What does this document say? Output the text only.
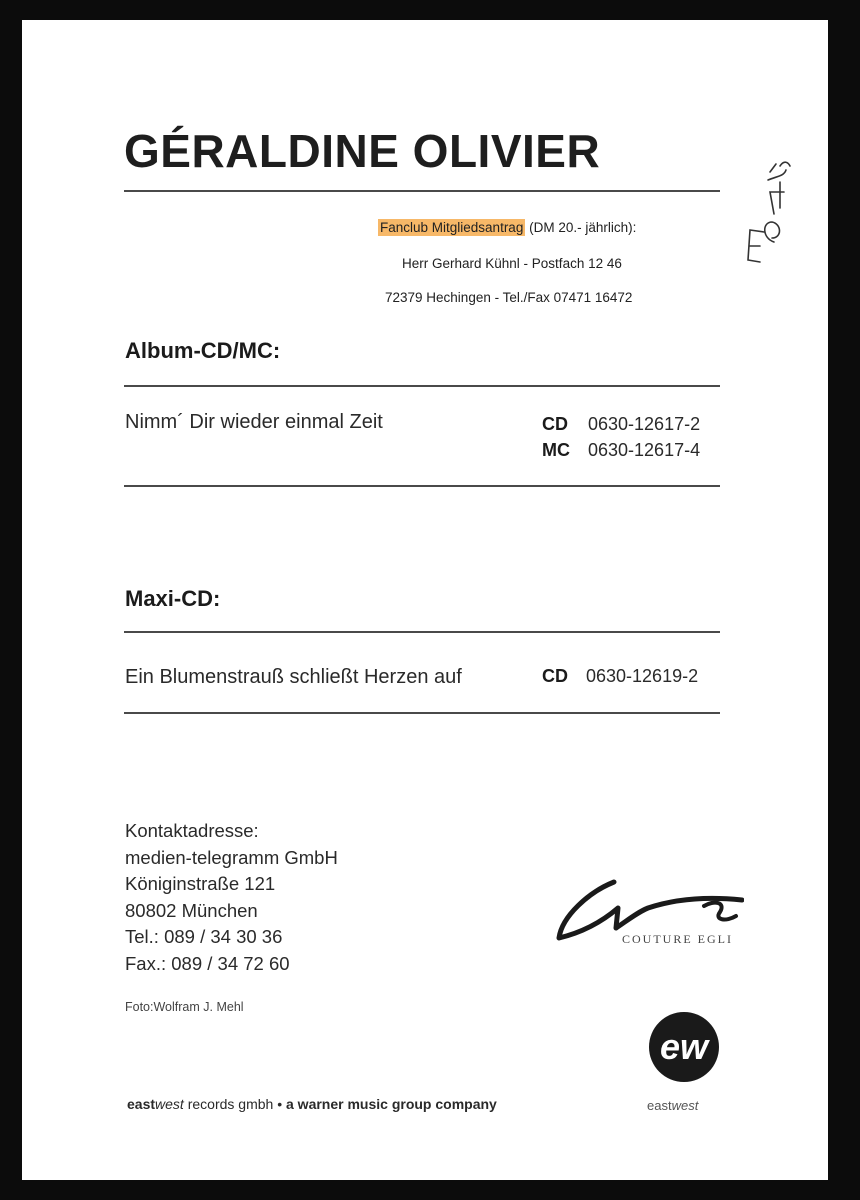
GÉRALDINE OLIVIER
Fanclub Mitgliedsantrag (DM 20.- jährlich):
Herr Gerhard Kühnl - Postfach 12 46
72379 Hechingen - Tel./Fax 07471 16472
Album-CD/MC:
Nimm´ Dir wieder einmal Zeit	CD 0630-12617-2
MC 0630-12617-4
Maxi-CD:
Ein Blumenstrauß schließt Herzen auf	CD 0630-12619-2
Kontaktadresse:
medien-telegramm GmbH
Königinstraße 121
80802 München
Tel.: 089 / 34 30 36
Fax.: 089 / 34 72 60
Foto:Wolfram J. Mehl
COUTURE EGLI
ew
eastwest
eastwest records gmbh • a warner music group company
